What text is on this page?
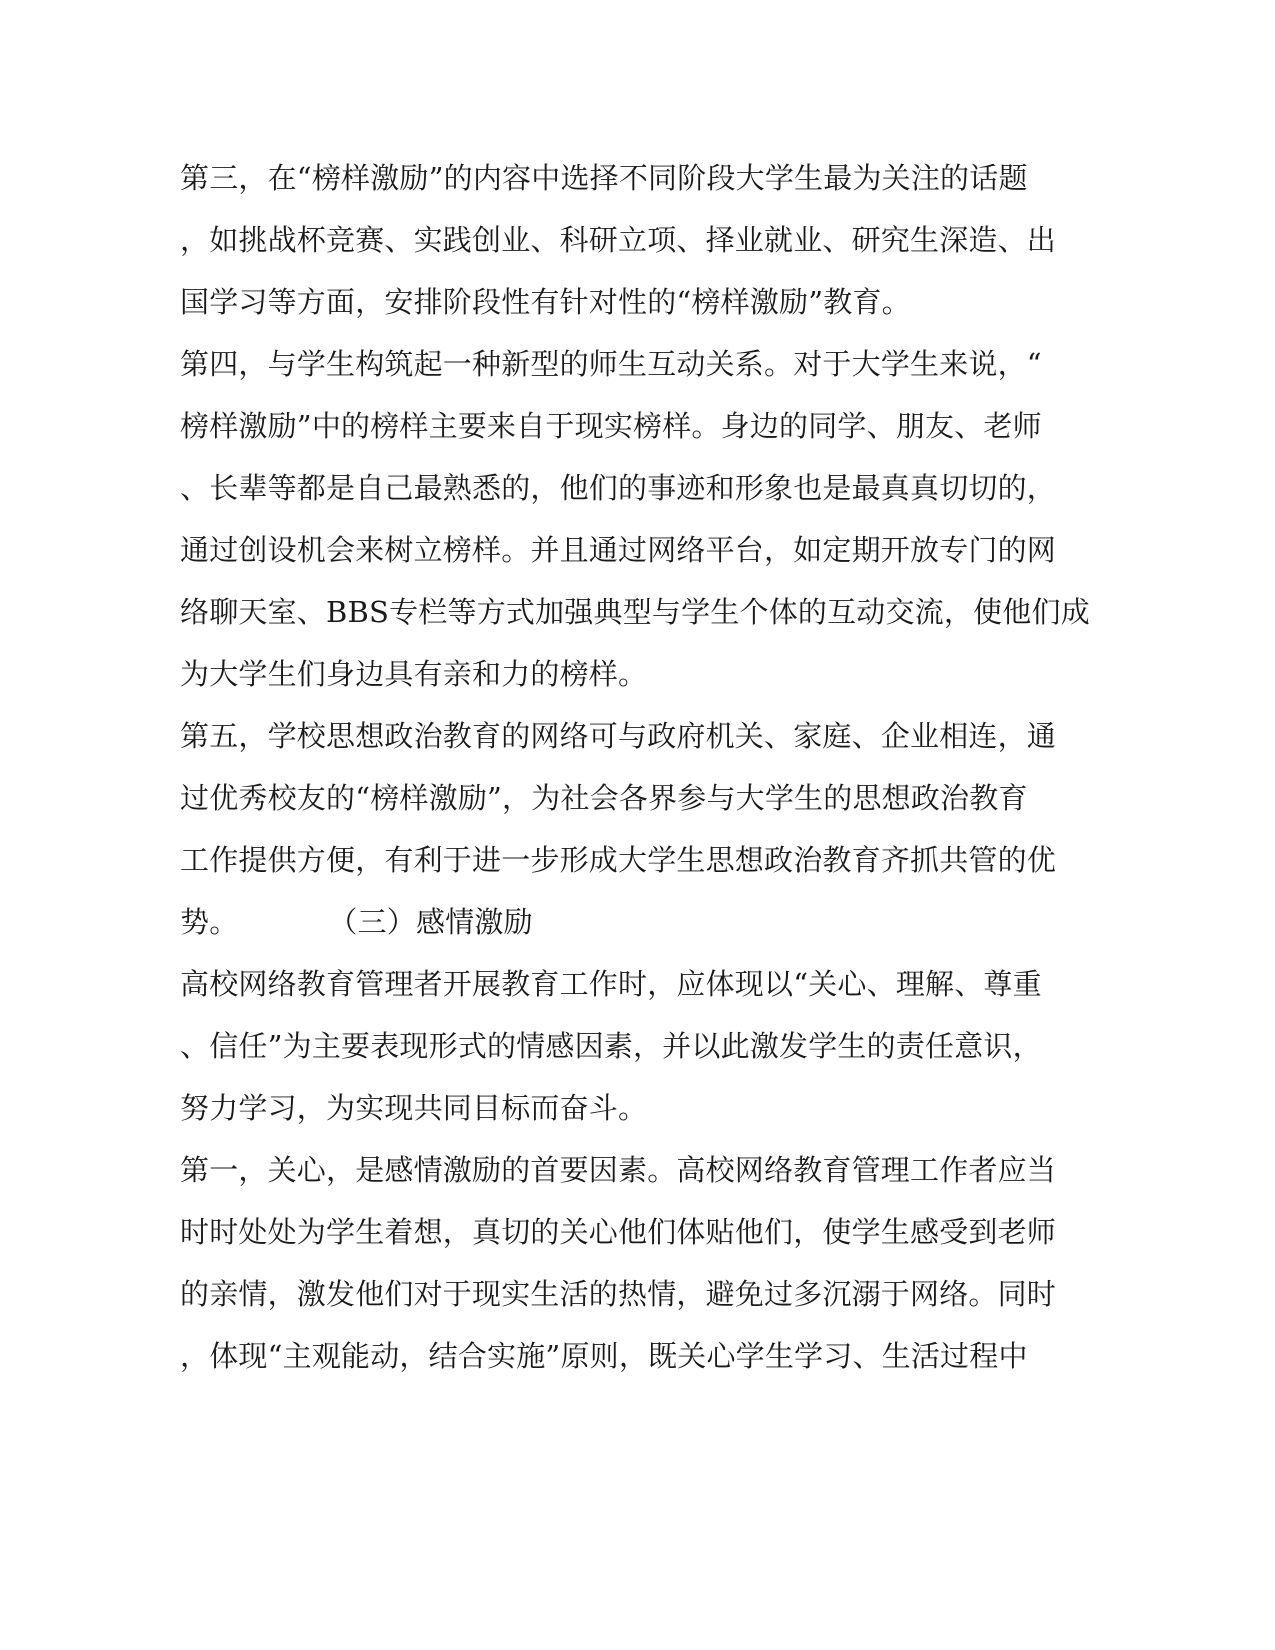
第三，在“榜样激励”的内容中选择不同阶段大学生最为关注的话题

，如挑战杯竞赛、实践创业、科研立项、择业就业、研究生深造、出

国学习等方面，安排阶段性有针对性的“榜样激励”教育。

第四，与学生构筑起一种新型的师生互动关系。对于大学生来说，“

榜样激励”中的榜样主要来自于现实榜样。身边的同学、朋友、老师

、长辈等都是自己最熟悉的，他们的事迹和形象也是最真真切切的，

通过创设机会来树立榜样。并且通过网络平台，如定期开放专门的网

络聊天室、BBS专栏等方式加强典型与学生个体的互动交流，使他们成

为大学生们身边具有亲和力的榜样。

第五，学校思想政治教育的网络可与政府机关、家庭、企业相连，通

过优秀校友的“榜样激励”，为社会各界参与大学生的思想政治教育

工作提供方便，有利于进一步形成大学生思想政治教育齐抓共管的优

势。	（三）感情激励

高校网络教育管理者开展教育工作时，应体现以“关心、理解、尊重

、信任”为主要表现形式的情感因素，并以此激发学生的责任意识，

努力学习，为实现共同目标而奋斗。

第一，关心，是感情激励的首要因素。高校网络教育管理工作者应当

时时处处为学生着想，真切的关心他们体贴他们，使学生感受到老师

的亲情，激发他们对于现实生活的热情，避免过多沉溺于网络。同时

，体现“主观能动，结合实施”原则，既关心学生学习、生活过程中
